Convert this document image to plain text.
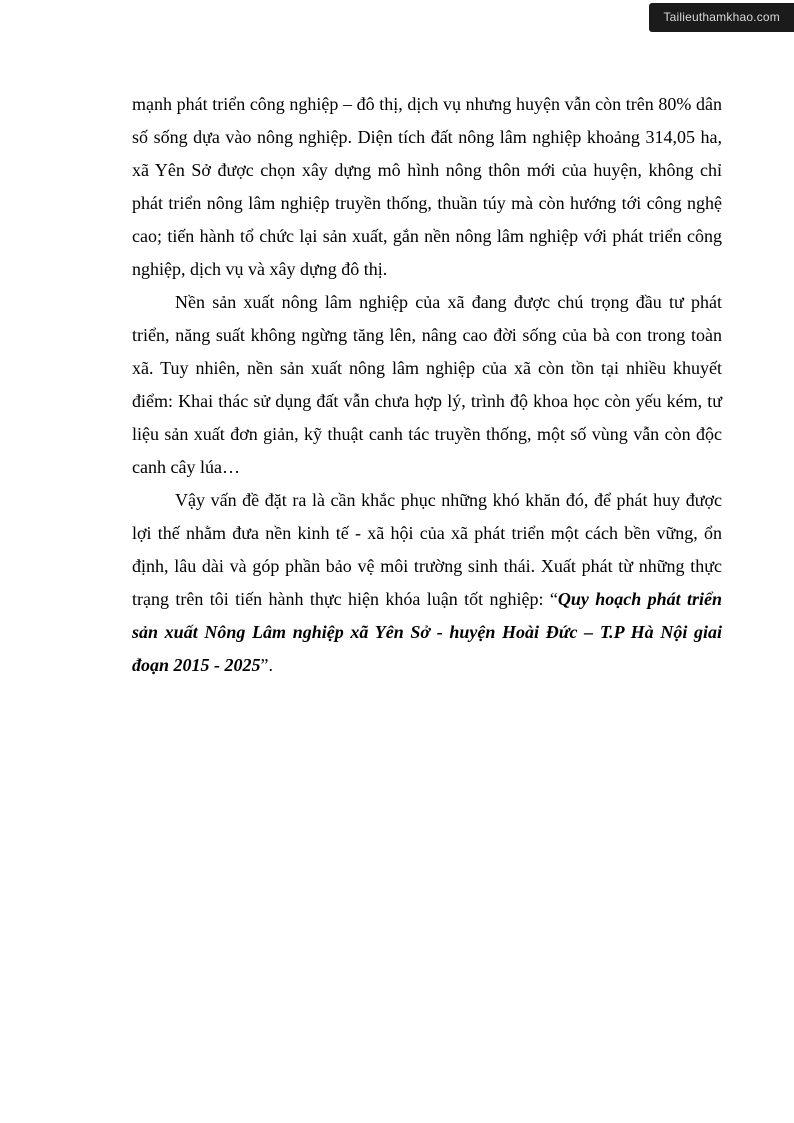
Tailieuthamkhao.com

mạnh phát triển công nghiệp – đô thị, dịch vụ nhưng huyện vẫn còn trên 80% dân số sống dựa vào nông nghiệp. Diện tích đất nông lâm nghiệp khoảng 314,05 ha, xã Yên Sở được chọn xây dựng mô hình nông thôn mới của huyện, không chỉ phát triển nông lâm nghiệp truyền thống, thuần túy mà còn hướng tới công nghệ cao; tiến hành tổ chức lại sản xuất, gắn nền nông lâm nghiệp với phát triển công nghiệp, dịch vụ và xây dựng đô thị.

Nền sản xuất nông lâm nghiệp của xã đang được chú trọng đầu tư phát triển, năng suất không ngừng tăng lên, nâng cao đời sống của bà con trong toàn xã. Tuy nhiên, nền sản xuất nông lâm nghiệp của xã còn tồn tại nhiều khuyết điểm: Khai thác sử dụng đất vẫn chưa hợp lý, trình độ khoa học còn yếu kém, tư liệu sản xuất đơn giản, kỹ thuật canh tác truyền thống, một số vùng vẫn còn độc canh cây lúa…

Vậy vấn đề đặt ra là cần khắc phục những khó khăn đó, để phát huy được lợi thế nhằm đưa nền kinh tế - xã hội của xã phát triển một cách bền vững, ổn định, lâu dài và góp phần bảo vệ môi trường sinh thái. Xuất phát từ những thực trạng trên tôi tiến hành thực hiện khóa luận tốt nghiệp: “Quy hoạch phát triển sản xuất Nông Lâm nghiệp xã Yên Sở - huyện Hoài Đức – T.P Hà Nội giai đoạn 2015 - 2025”.
